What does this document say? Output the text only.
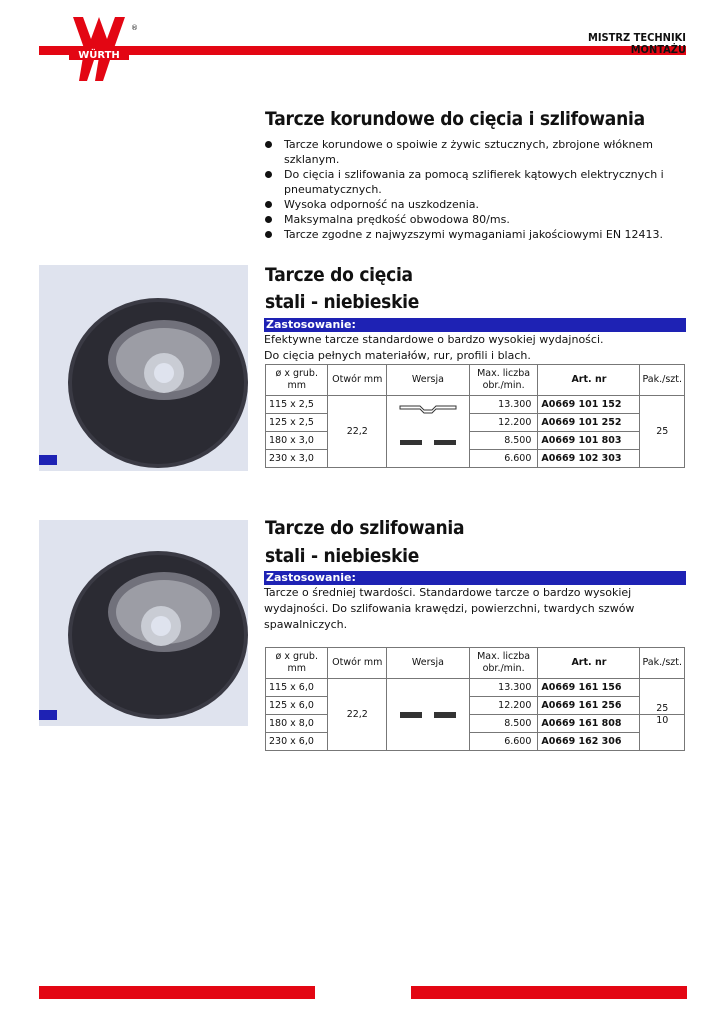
WÜRTH
®
MISTRZ TECHNIKI
MONTAŻU
Tarcze korundowe do cięcia i szlifowania
Tarcze korundowe o spoiwie z żywic sztucznych, zbrojone włóknem szklanym.
Do cięcia i szlifowania za pomocą szlifierek kątowych elektrycznych i pneumatycznych.
Wysoka odporność na uszkodzenia.
Maksymalna prędkość obwodowa 80/ms.
Tarcze zgodne z najwyzszymi wymaganiami jakościowymi EN 12413.
Tarcze do cięcia
stali - niebieskie
Zastosowanie:
Efektywne tarcze standardowe o bardzo wysokiej wydajności.
Do cięcia pełnych materiałów, rur, profili i blach.
ø x grub. mm	Otwór mm	Wersja	Max. liczba obr./min.	Art. nr	Pak./szt.
115 x 2,5	22,2		13.300	A0669 101 152	25
125 x 2,5			12.200	A0669 101 252	
180 x 3,0			8.500	A0669 101 803	
230 x 3,0			6.600	A0669 102 303	
Tarcze do szlifowania
stali - niebieskie
Zastosowanie:
Tarcze o średniej twardości. Standardowe tarcze o bardzo wysokiej
wydajności. Do szlifowania krawędzi, powierzchni, twardych szwów
spawalniczych.
ø x grub. mm	Otwór mm	Wersja	Max. liczba obr./min.	Art. nr	Pak./szt.
115 x 6,0	22,2		13.300	A0669 161 156	25
125 x 6,0			12.200	A0669 161 256	
180 x 8,0			8.500	A0669 161 808	10
230 x 6,0			6.600	A0669 162 306	
